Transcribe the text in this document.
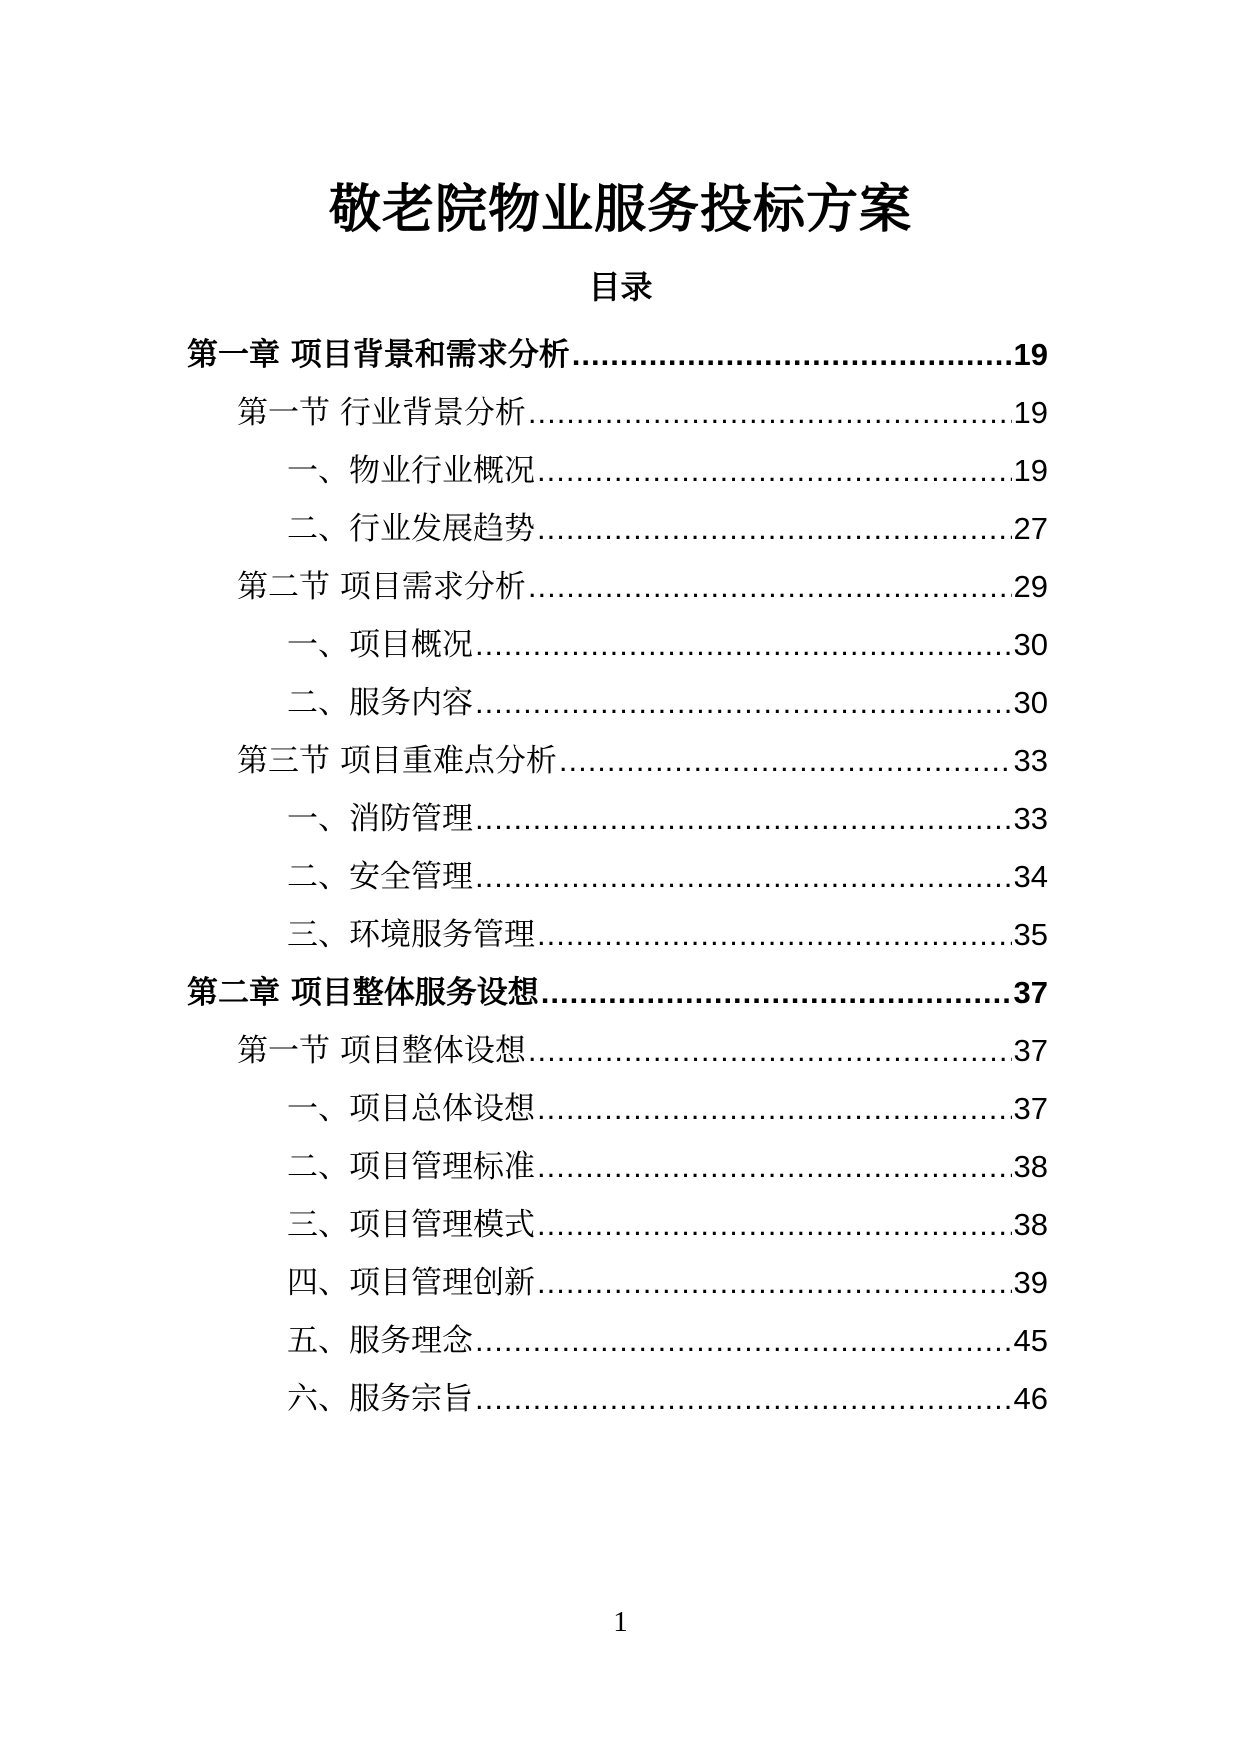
敬老院物业服务投标方案
目录
第一章 项目背景和需求分析 .....	19
第一节 行业背景分析 .....	19
一、物业行业概况 .....	19
二、行业发展趋势 .....	27
第二节 项目需求分析 .....	29
一、项目概况 .....	30
二、服务内容 .....	30
第三节 项目重难点分析 .....	33
一、消防管理 .....	33
二、安全管理 .....	34
三、环境服务管理 .....	35
第二章 项目整体服务设想 .....	37
第一节 项目整体设想 .....	37
一、项目总体设想 .....	37
二、项目管理标准 .....	38
三、项目管理模式 .....	38
四、项目管理创新 .....	39
五、服务理念 .....	45
六、服务宗旨 .....	46
1
